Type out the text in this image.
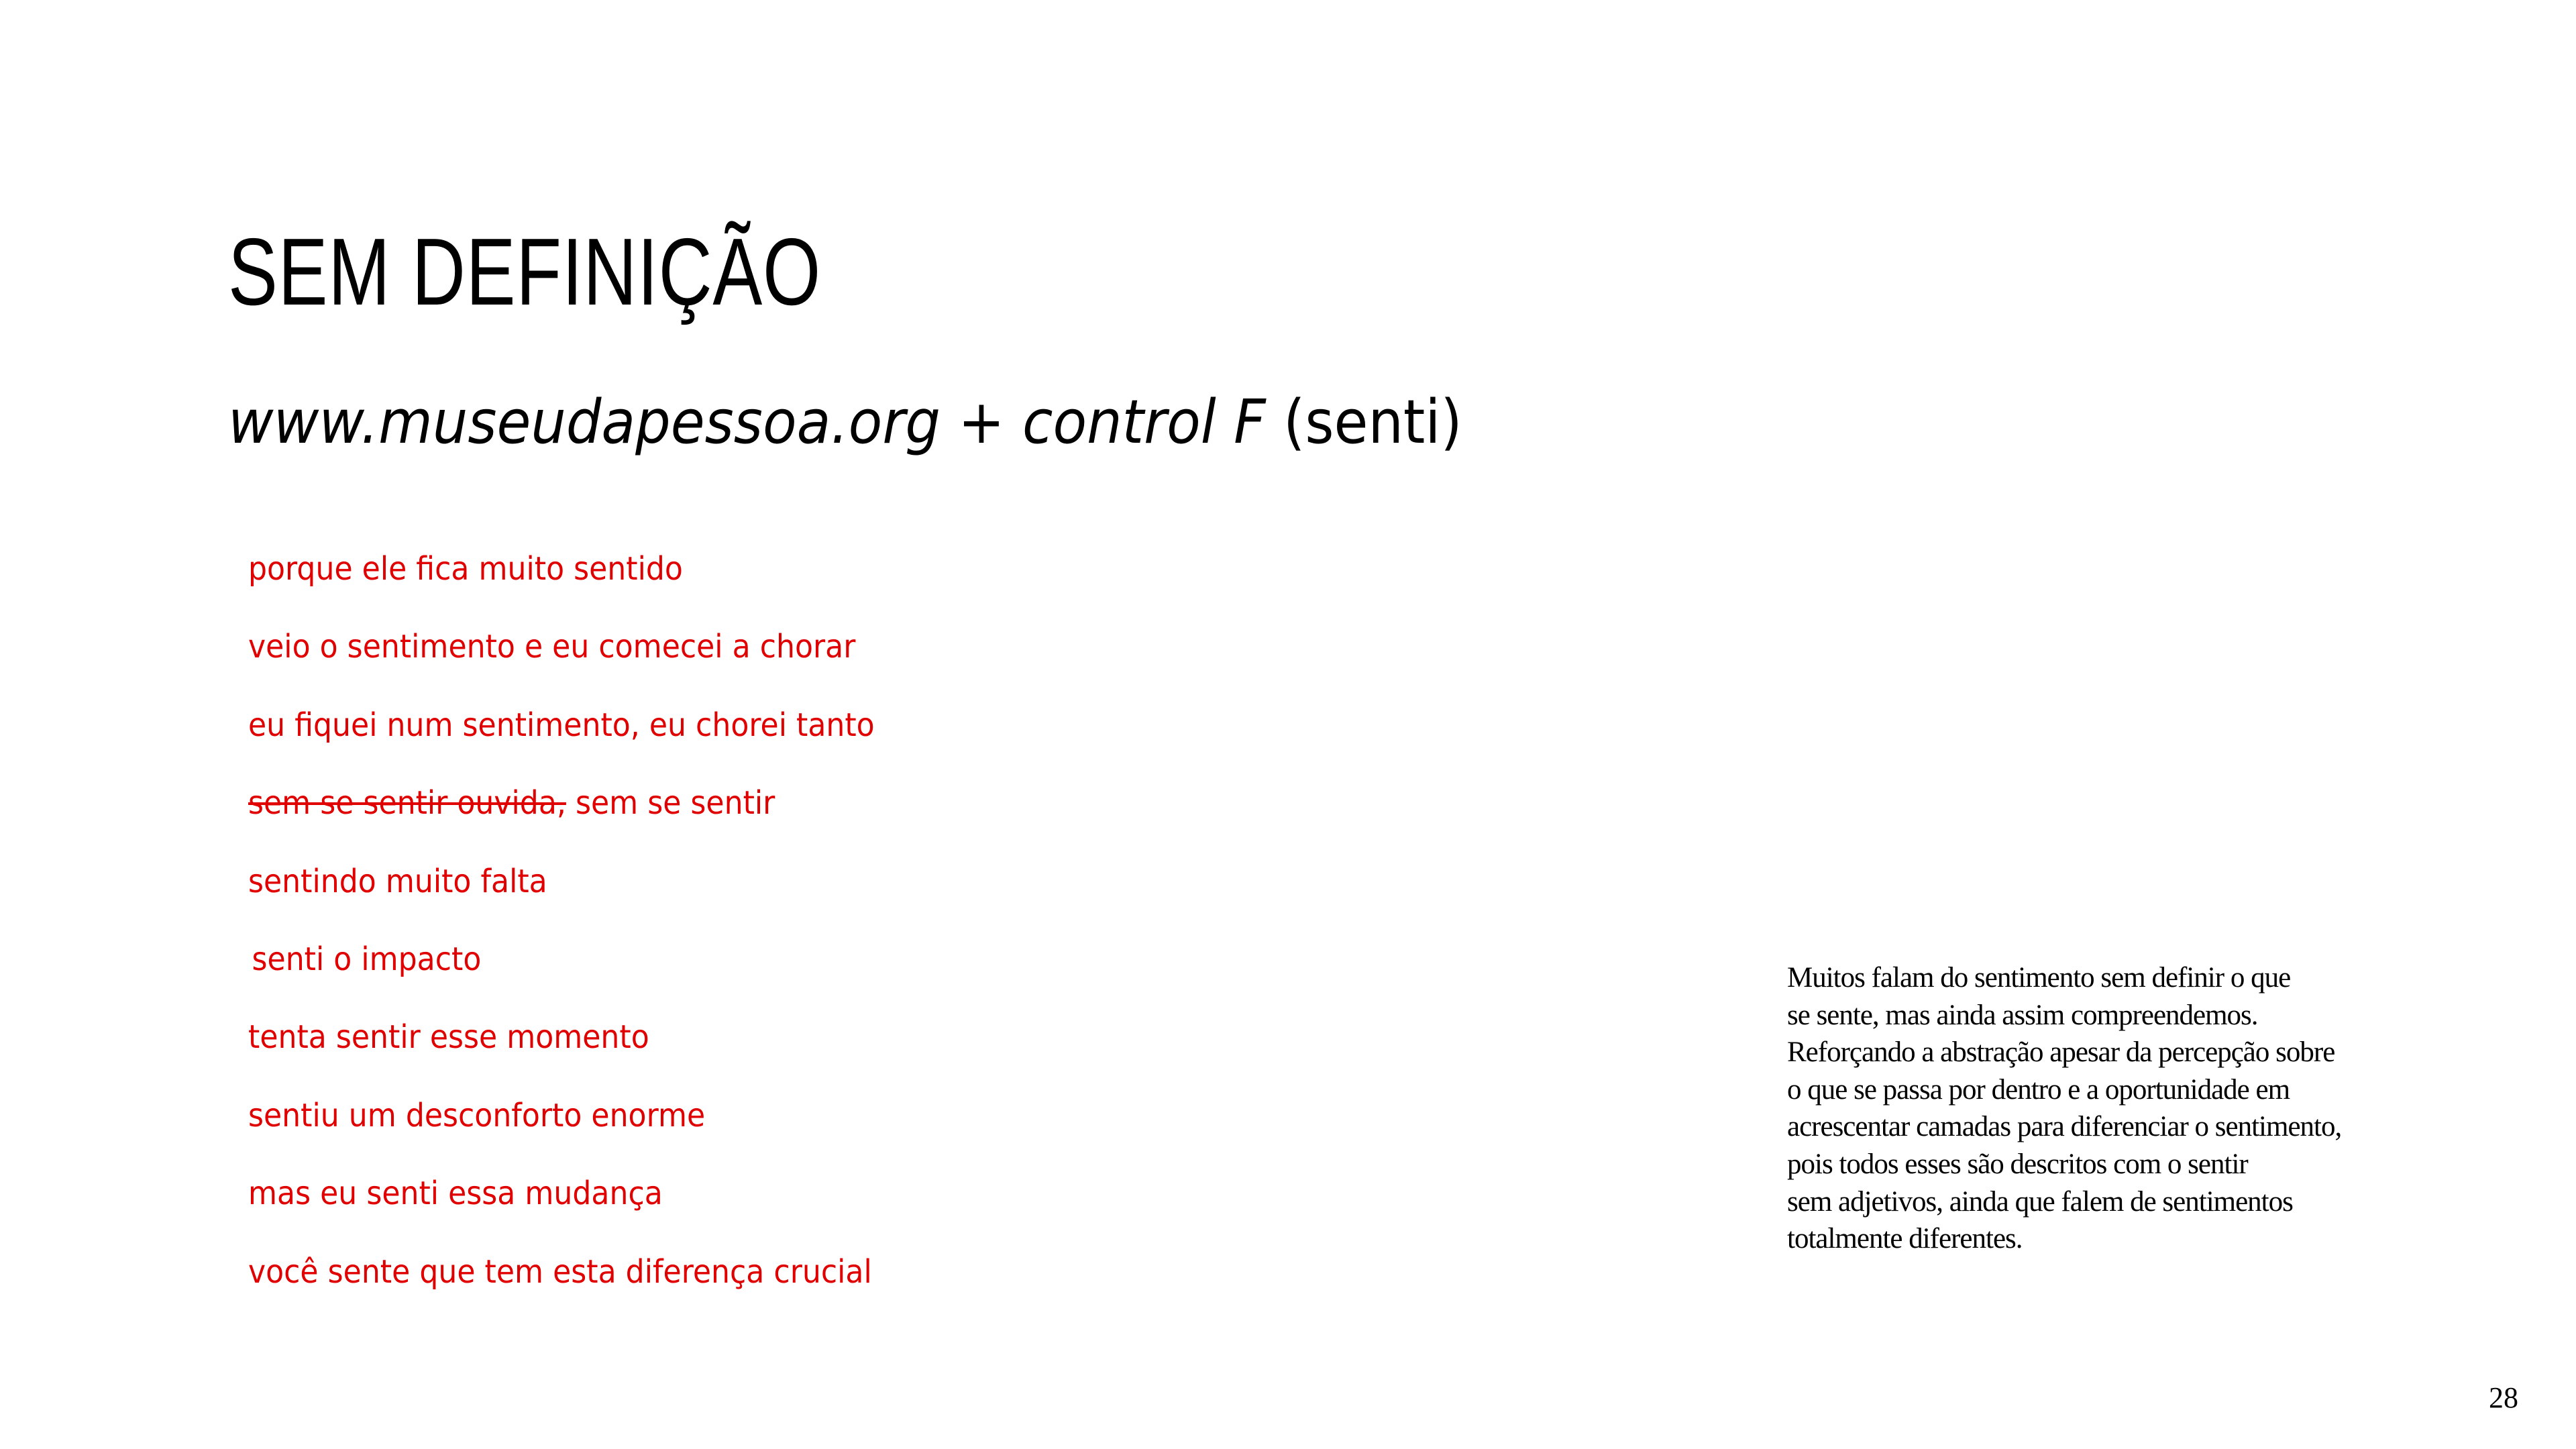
SEM DEFINIÇÃO

www.museudapessoa.org + control F (senti)

porque ele fica muito sentido
veio o sentimento e eu comecei a chorar
eu fiquei num sentimento, eu chorei tanto
sem se sentir ouvida, sem se sentir
sentindo muito falta
senti o impacto
tenta sentir esse momento
sentiu um desconforto enorme
mas eu senti essa mudança
você sente que tem esta diferença crucial

Muitos falam do sentimento sem definir o que
se sente, mas ainda assim compreendemos.
Reforçando a abstração apesar da percepção sobre
o que se passa por dentro e a oportunidade em
acrescentar camadas para diferenciar o sentimento,
pois todos esses são descritos com o sentir
sem adjetivos, ainda que falem de sentimentos
totalmente diferentes.

28
